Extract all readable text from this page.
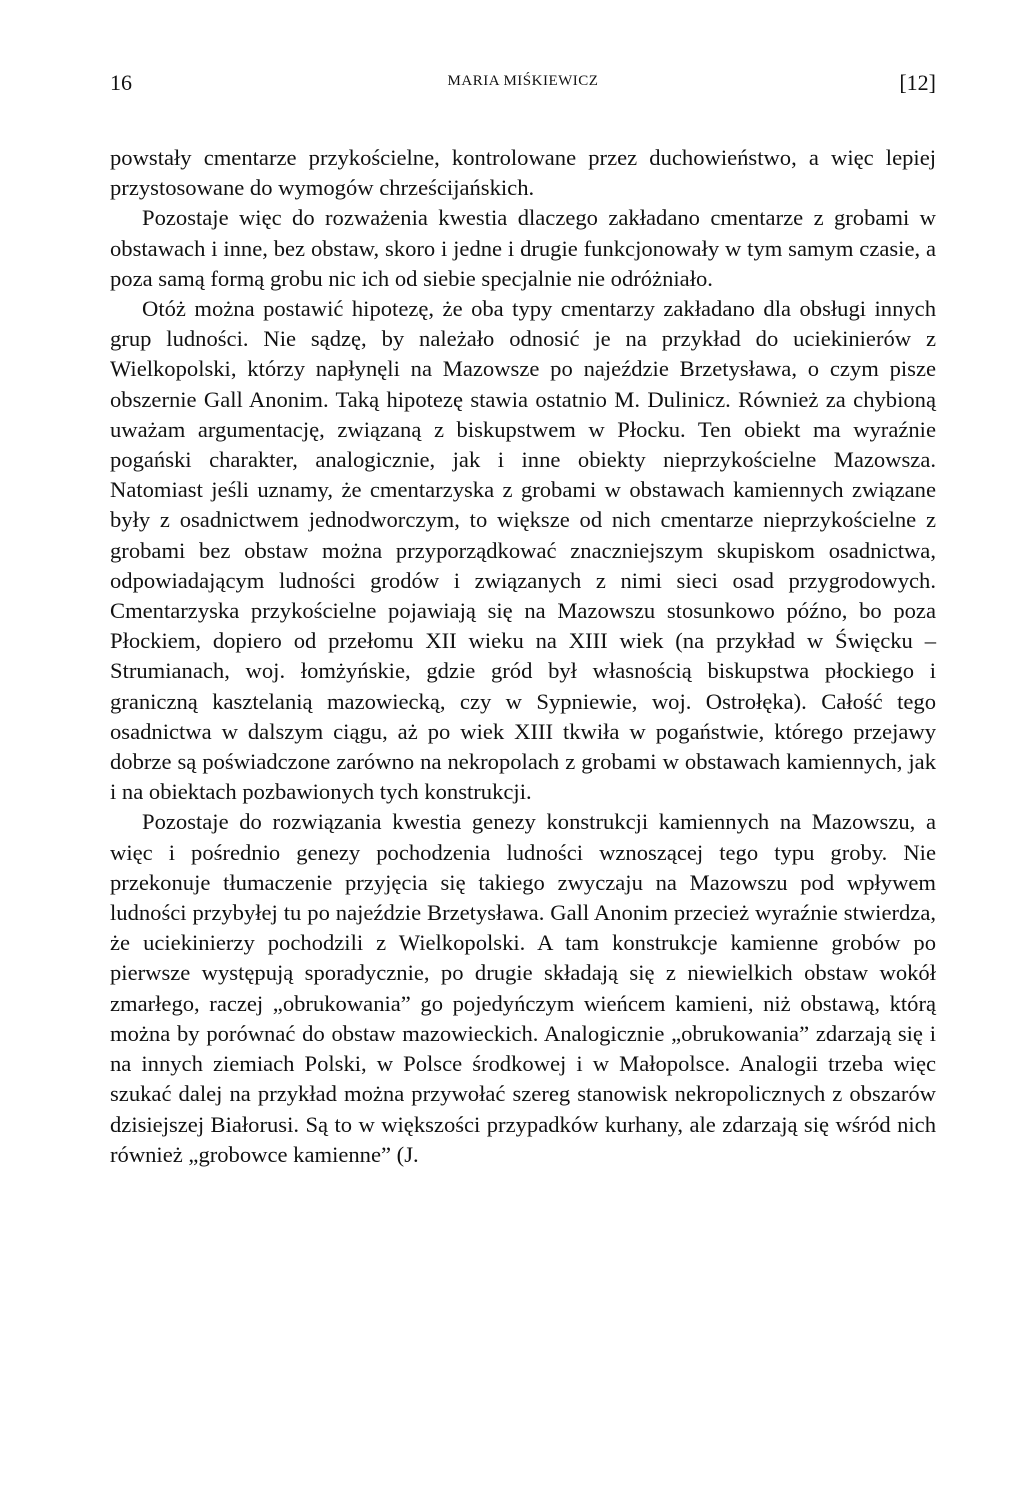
16	MARIA MIŚKIEWICZ	[12]

powstały cmentarze przykościelne, kontrolowane przez duchowieństwo, a więc lepiej przystosowane do wymogów chrześcijańskich.

Pozostaje więc do rozważenia kwestia dlaczego zakładano cmentarze z grobami w obstawach i inne, bez obstaw, skoro i jedne i drugie funkcjonowały w tym samym czasie, a poza samą formą grobu nic ich od siebie specjalnie nie odróżniało.

Otóż można postawić hipotezę, że oba typy cmentarzy zakładano dla obsługi innych grup ludności. Nie sądzę, by należało odnosić je na przykład do uciekinierów z Wielkopolski, którzy napłynęli na Mazowsze po najeździe Brzetysława, o czym pisze obszernie Gall Anonim. Taką hipotezę stawia ostatnio M. Dulinicz. Również za chybioną uważam argumentację, związaną z biskupstwem w Płocku. Ten obiekt ma wyraźnie pogański charakter, analogicznie, jak i inne obiekty nieprzykościelne Mazowsza. Natomiast jeśli uznamy, że cmentarzyska z grobami w obstawach kamiennych związane były z osadnictwem jednodworczym, to większe od nich cmentarze nieprzykościelne z grobami bez obstaw można przyporządkować znaczniejszym skupiskom osadnictwa, odpowiadającym ludności grodów i związanych z nimi sieci osad przygrodowych. Cmentarzyska przykościelne pojawiają się na Mazowszu stosunkowo późno, bo poza Płockiem, dopiero od przełomu XII wieku na XIII wiek (na przykład w Święcku – Strumianach, woj. łomżyńskie, gdzie gród był własnością biskupstwa płockiego i graniczną kasztelanią mazowiecką, czy w Sypniewie, woj. Ostrołęka). Całość tego osadnictwa w dalszym ciągu, aż po wiek XIII tkwiła w pogaństwie, którego przejawy dobrze są poświadczone zarówno na nekropolach z grobami w obstawach kamiennych, jak i na obiektach pozbawionych tych konstrukcji.

Pozostaje do rozwiązania kwestia genezy konstrukcji kamiennych na Mazowszu, a więc i pośrednio genezy pochodzenia ludności wznoszącej tego typu groby. Nie przekonuje tłumaczenie przyjęcia się takiego zwyczaju na Mazowszu pod wpływem ludności przybyłej tu po najeździe Brzetysława. Gall Anonim przecież wyraźnie stwierdza, że uciekinierzy pochodzili z Wielkopolski. A tam konstrukcje kamienne grobów po pierwsze występują sporadycznie, po drugie składają się z niewielkich obstaw wokół zmarłego, raczej „obrukowania” go pojedyńczym wieńcem kamieni, niż obstawą, którą można by porównać do obstaw mazowieckich. Analogicznie „obrukowania” zdarzają się i na innych ziemiach Polski, w Polsce środkowej i w Małopolsce. Analogii trzeba więc szukać dalej na przykład można przywołać szereg stanowisk nekropolicznych z obszarów dzisiejszej Białorusi. Są to w większości przypadków kurhany, ale zdarzają się wśród nich również „grobowce kamienne” (J.
